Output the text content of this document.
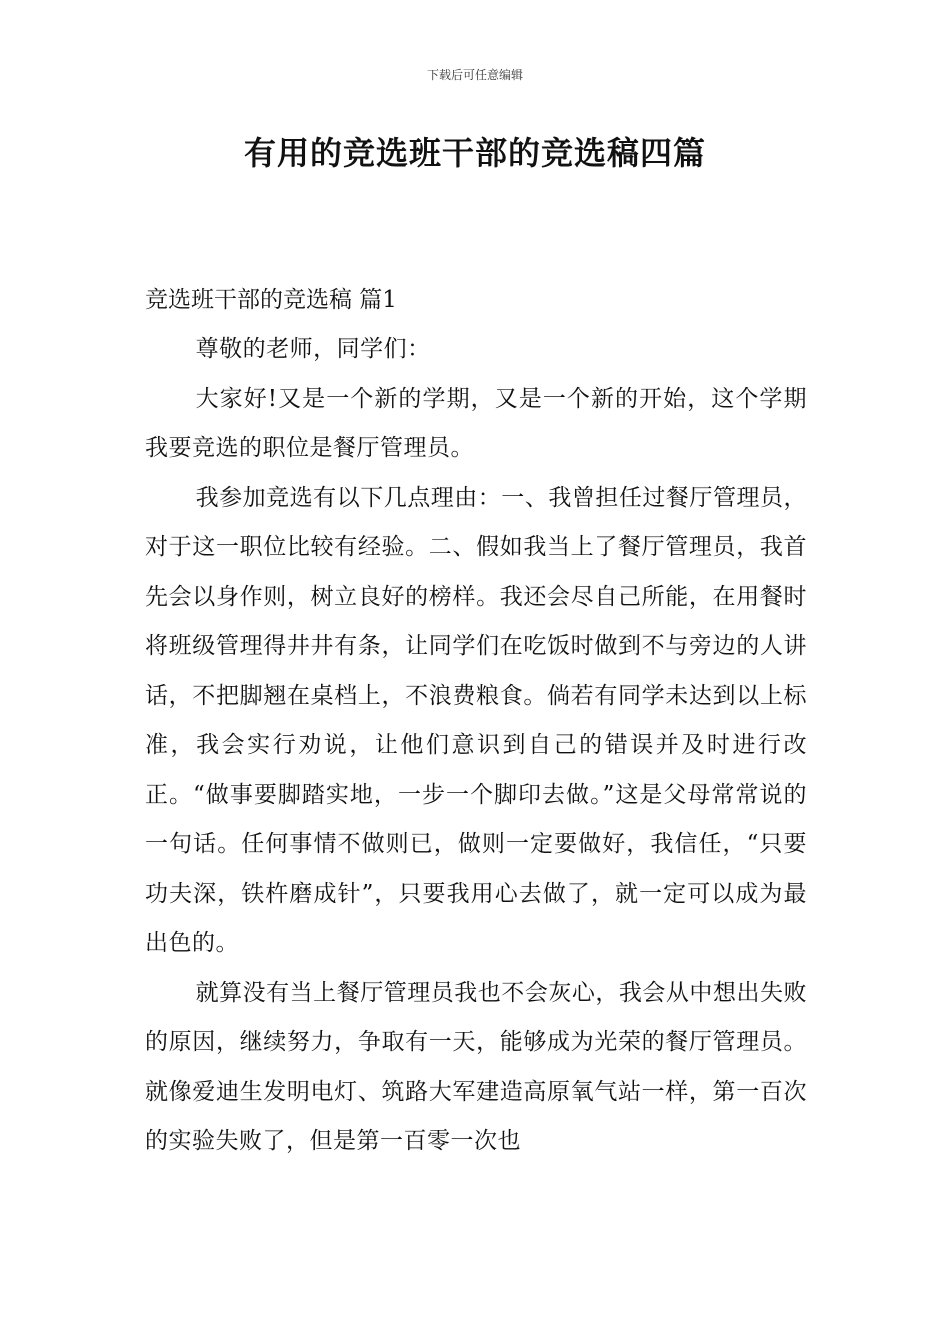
下载后可任意编辑
有用的竞选班干部的竞选稿四篇

竞选班干部的竞选稿 篇1

尊敬的老师，同学们：

大家好!又是一个新的学期，又是一个新的开始，这个学期我要竞选的职位是餐厅管理员。

我参加竞选有以下几点理由：一、我曾担任过餐厅管理员，对于这一职位比较有经验。二、假如我当上了餐厅管理员，我首先会以身作则，树立良好的榜样。我还会尽自己所能，在用餐时将班级管理得井井有条，让同学们在吃饭时做到不与旁边的人讲话，不把脚翘在桌档上，不浪费粮食。倘若有同学未达到以上标准，我会实行劝说，让他们意识到自己的错误并及时进行改正。“做事要脚踏实地，一步一个脚印去做。”这是父母常常说的一句话。任何事情不做则已，做则一定要做好，我信任，“只要功夫深，铁杵磨成针”，只要我用心去做了，就一定可以成为最出色的。

就算没有当上餐厅管理员我也不会灰心，我会从中想出失败的原因，继续努力，争取有一天，能够成为光荣的餐厅管理员。就像爱迪生发明电灯、筑路大军建造高原氧气站一样，第一百次的实验失败了，但是第一百零一次也
